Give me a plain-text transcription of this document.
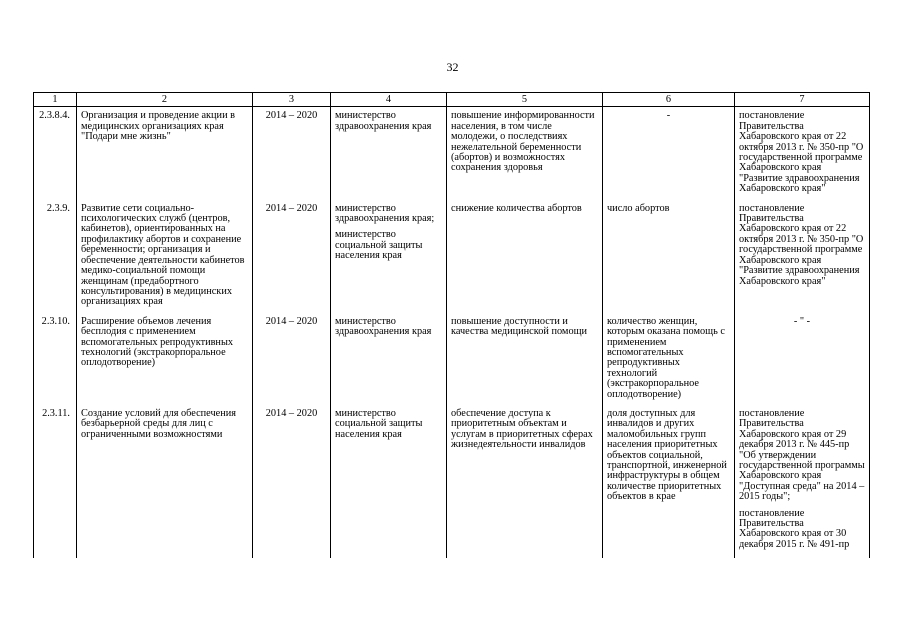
32
1	2	3	4	5	6	7
2.3.8.4.	Организация и проведение акции в медицинских организациях края "Подари мне жизнь"	2014 – 2020	министерство здравоохранения края	повышение информированности населения, в том числе молодежи, о последствиях нежелательной беременности (абортов) и возможностях сохранения здоровья	-	постановление Правительства Хабаровского края от 22 октября 2013 г. № 350-пр "О государственной программе Хабаровского края "Развитие здравоохранения Хабаровского края"

2.3.9.	Развитие сети социально-психологических служб (центров, кабинетов), ориентированных на профилактику абортов и сохранение беременности; организация и обеспечение деятельности кабинетов медико-социальной помощи женщинам (предабортного консультирования) в медицинских организациях края	2014 – 2020	министерство здравоохранения края;
министерство социальной защиты населения края	снижение количества абортов	число абортов	постановление Правительства Хабаровского края от 22 октября 2013 г. № 350-пр "О государственной программе Хабаровского края "Развитие здравоохранения Хабаровского края"

2.3.10.	Расширение объемов лечения бесплодия с применением вспомогательных репродуктивных технологий (экстракорпоральное оплодотворение)	2014 – 2020	министерство здравоохранения края	повышение доступности и качества медицинской помощи	количество женщин, которым оказана помощь с применением вспомогательных репродуктивных технологий (экстракорпоральное оплодотворение)	- " -

2.3.11.	Создание условий для обеспечения безбарьерной среды для лиц с ограниченными возможностями	2014 – 2020	министерство социальной защиты населения края	обеспечение доступа к приоритетным объектам и услугам в приоритетных сферах жизнедеятельности инвалидов	доля доступных для инвалидов и других маломобильных групп населения приоритетных объектов социальной, транспортной, инженерной инфраструктуры в общем количестве приоритетных объектов в крае	постановление Правительства Хабаровского края от 29 декабря 2013 г. № 445-пр "Об утверждении государственной программы Хабаровского края "Доступная среда" на 2014 – 2015 годы";
постановление Правительства Хабаровского края от 30 декабря 2015 г. № 491-пр
